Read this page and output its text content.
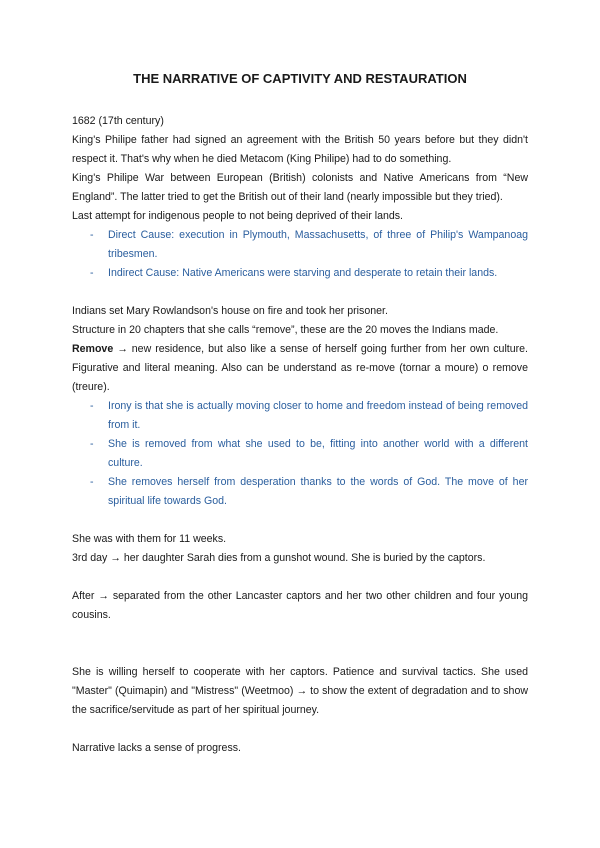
THE NARRATIVE OF CAPTIVITY AND RESTAURATION

1682 (17th century)

King's Philipe father had signed an agreement with the British 50 years before but they didn't respect it. That's why when he died Metacom (King Philipe) had to do something.

King's Philipe War between European (British) colonists and Native Americans from “New England”. The latter tried to get the British out of their land (nearly impossible but they tried).

Last attempt for indigenous people to not being deprived of their lands.

- Direct Cause: execution in Plymouth, Massachusetts, of three of Philip's Wampanoag tribesmen.
- Indirect Cause: Native Americans were starving and desperate to retain their lands.

Indians set Mary Rowlandson's house on fire and took her prisoner.

Structure in 20 chapters that she calls “remove”, these are the 20 moves the Indians made.

Remove → new residence, but also like a sense of herself going further from her own culture. Figurative and literal meaning. Also can be understand as re-move (tornar a moure) o remove (treure).

- Irony is that she is actually moving closer to home and freedom instead of being removed from it.
- She is removed from what she used to be, fitting into another world with a different culture.
- She removes herself from desperation thanks to the words of God. The move of her spiritual life towards God.

She was with them for 11 weeks.

3rd day → her daughter Sarah dies from a gunshot wound. She is buried by the captors.

After → separated from the other Lancaster captors and her two other children and four young cousins.

She is willing herself to cooperate with her captors. Patience and survival tactics. She used "Master" (Quimapin) and "Mistress" (Weetmoo) → to show the extent of degradation and to show the sacrifice/servitude as part of her spiritual journey.

Narrative lacks a sense of progress.
